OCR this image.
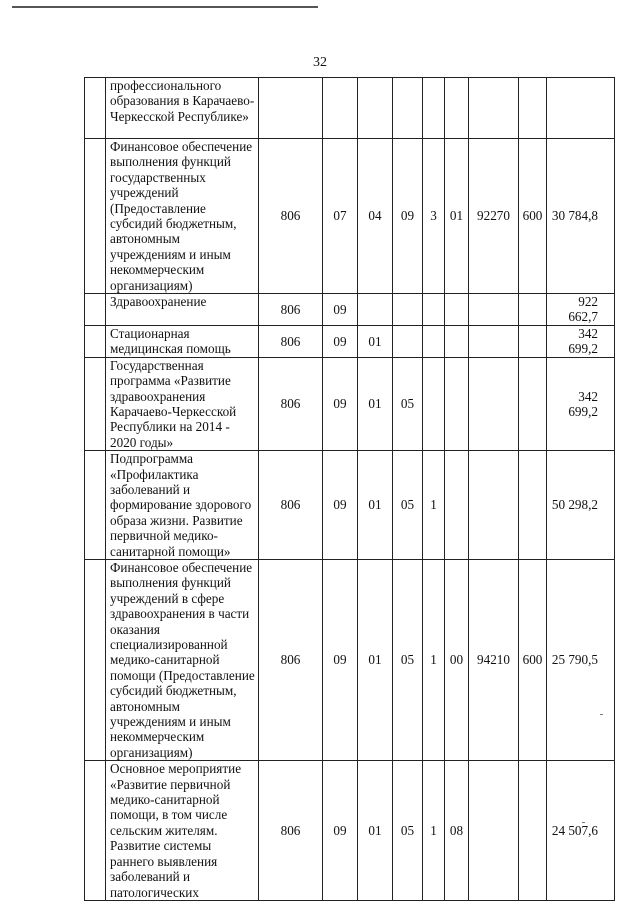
32
	профессионального образования в Карачаево-Черкесской Республике»									
	Финансовое обеспечение выполнения функций государственных учреждений (Предоставление субсидий бюджетным, автономным учреждениям и иным некоммерческим организациям)	806	07	04	09	3	01	92270	600	30 784,8
	Здравоохранение	806	09							922 662,7
	Стационарная медицинская помощь	806	09	01						342 699,2
	Государственная программа «Развитие здравоохранения Карачаево-Черкесской Республики на 2014 - 2020 годы»	806	09	01	05					342 699,2
	Подпрограмма «Профилактика заболеваний и формирование здорового образа жизни. Развитие первичной медико-санитарной помощи»	806	09	01	05	1				50 298,2
	Финансовое обеспечение выполнения функций учреждений в сфере здравоохранения в части оказания специализированной медико-санитарной помощи (Предоставление субсидий бюджетным, автономным учреждениям и иным некоммерческим организациям)	806	09	01	05	1	00	94210	600	25 790,5
	Основное мероприятие «Развитие первичной медико-санитарной помощи, в том числе сельским жителям. Развитие системы раннего выявления заболеваний и патологических	806	09	01	05	1	08			24 507,6
